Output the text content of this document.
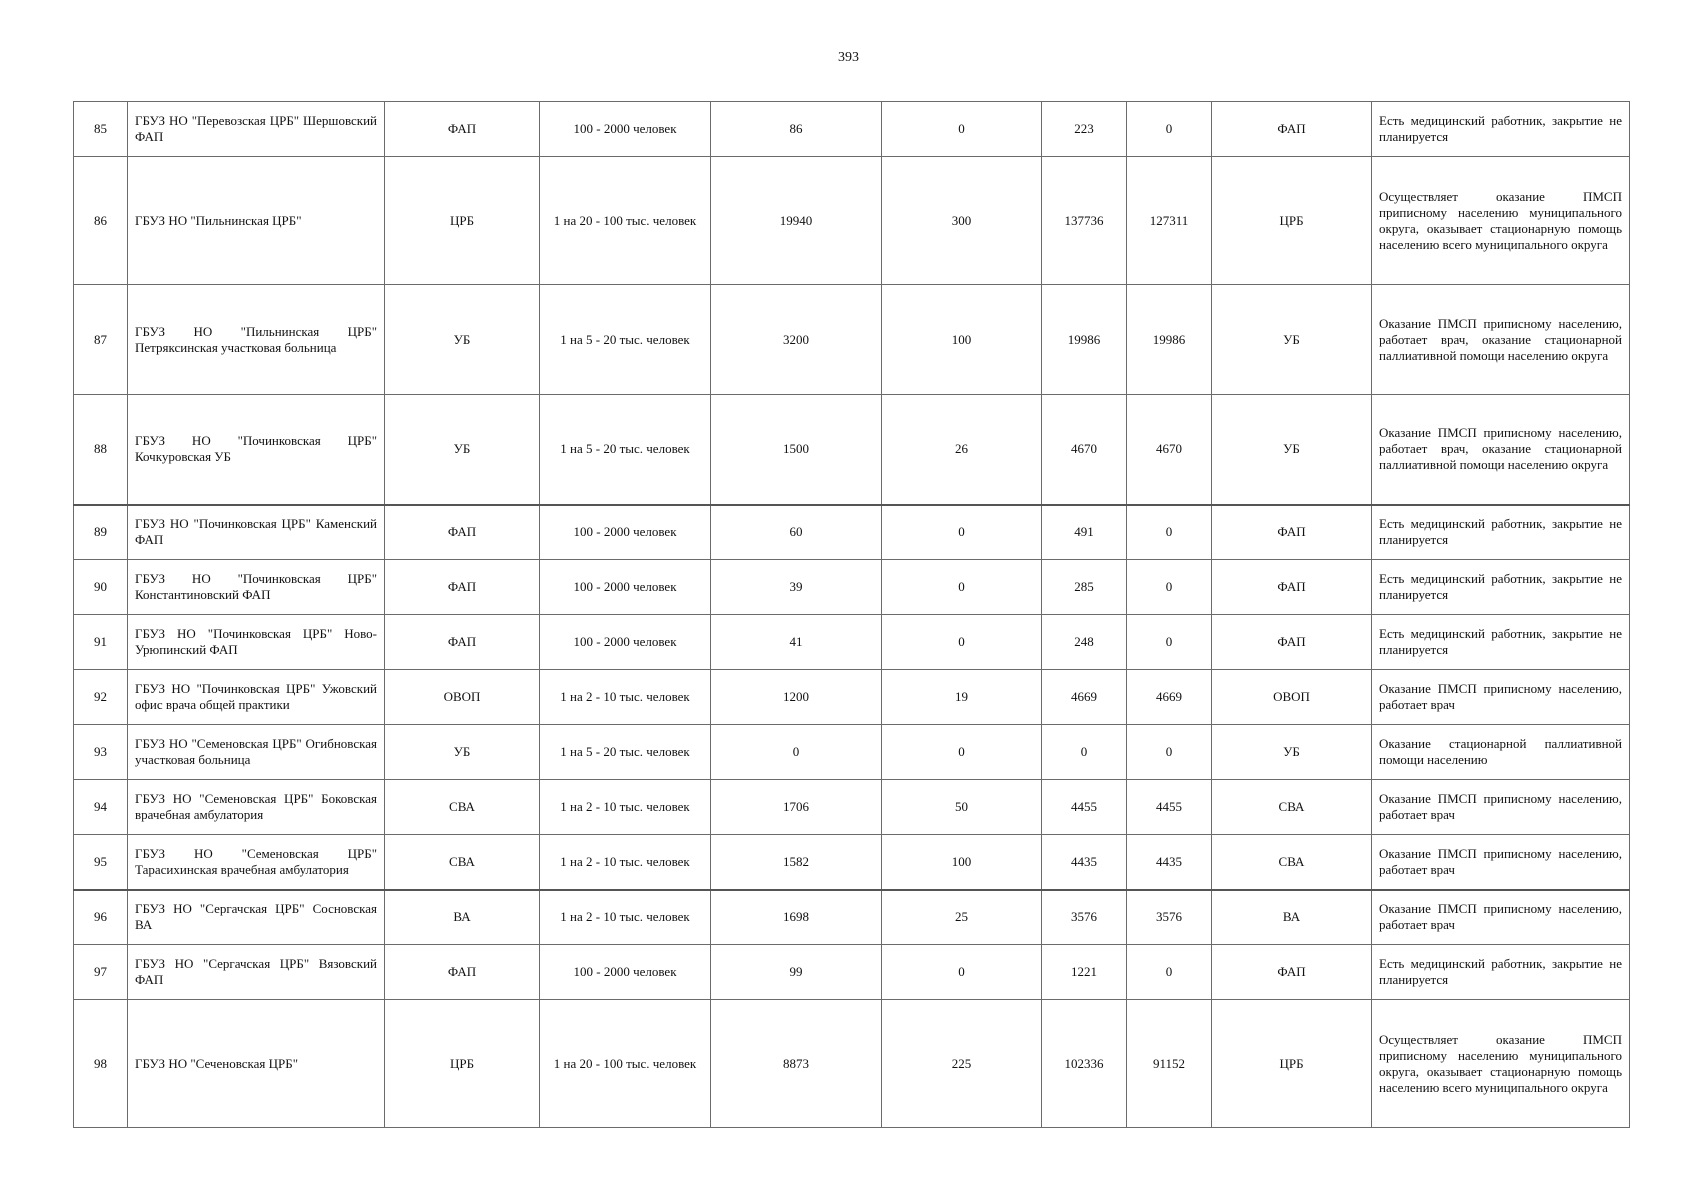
393
85	ГБУЗ НО "Перевозская ЦРБ" Шершовский ФАП	ФАП	100 - 2000 человек	86	0	223	0	ФАП	Есть медицинский работник, закрытие не планируется
86	ГБУЗ НО "Пильнинская ЦРБ"	ЦРБ	1 на 20 - 100 тыс. человек	19940	300	137736	127311	ЦРБ	Осуществляет оказание ПМСП приписному населению муниципального округа, оказывает стационарную помощь населению всего муниципального округа
87	ГБУЗ НО "Пильнинская ЦРБ" Петряксинская участковая больница	УБ	1 на 5 - 20 тыс. человек	3200	100	19986	19986	УБ	Оказание ПМСП приписному населению, работает врач, оказание стационарной паллиативной помощи населению округа
88	ГБУЗ НО "Починковская ЦРБ" Кочкуровская УБ	УБ	1 на 5 - 20 тыс. человек	1500	26	4670	4670	УБ	Оказание ПМСП приписному населению, работает врач, оказание стационарной паллиативной помощи населению округа
89	ГБУЗ НО "Починковская ЦРБ" Каменский ФАП	ФАП	100 - 2000 человек	60	0	491	0	ФАП	Есть медицинский работник, закрытие не планируется
90	ГБУЗ НО "Починковская ЦРБ" Константиновский ФАП	ФАП	100 - 2000 человек	39	0	285	0	ФАП	Есть медицинский работник, закрытие не планируется
91	ГБУЗ НО "Починковская ЦРБ" Ново-Урюпинский ФАП	ФАП	100 - 2000 человек	41	0	248	0	ФАП	Есть медицинский работник, закрытие не планируется
92	ГБУЗ НО "Починковская ЦРБ" Ужовский офис врача общей практики	ОВОП	1 на 2 - 10 тыс. человек	1200	19	4669	4669	ОВОП	Оказание ПМСП приписному населению, работает врач
93	ГБУЗ НО "Семеновская ЦРБ" Огибновская участковая больница	УБ	1 на 5 - 20 тыс. человек	0	0	0	0	УБ	Оказание стационарной паллиативной помощи населению
94	ГБУЗ НО "Семеновская ЦРБ" Боковская врачебная амбулатория	СВА	1 на 2 - 10 тыс. человек	1706	50	4455	4455	СВА	Оказание ПМСП приписному населению, работает врач
95	ГБУЗ НО "Семеновская ЦРБ" Тарасихинская врачебная амбулатория	СВА	1 на 2 - 10 тыс. человек	1582	100	4435	4435	СВА	Оказание ПМСП приписному населению, работает врач
96	ГБУЗ НО "Сергачская ЦРБ" Сосновская ВА	ВА	1 на 2 - 10 тыс. человек	1698	25	3576	3576	ВА	Оказание ПМСП приписному населению, работает врач
97	ГБУЗ НО "Сергачская ЦРБ" Вязовский ФАП	ФАП	100 - 2000 человек	99	0	1221	0	ФАП	Есть медицинский работник, закрытие не планируется
98	ГБУЗ НО "Сеченовская ЦРБ"	ЦРБ	1 на 20 - 100 тыс. человек	8873	225	102336	91152	ЦРБ	Осуществляет оказание ПМСП приписному населению муниципального округа, оказывает стационарную помощь населению всего муниципального округа
